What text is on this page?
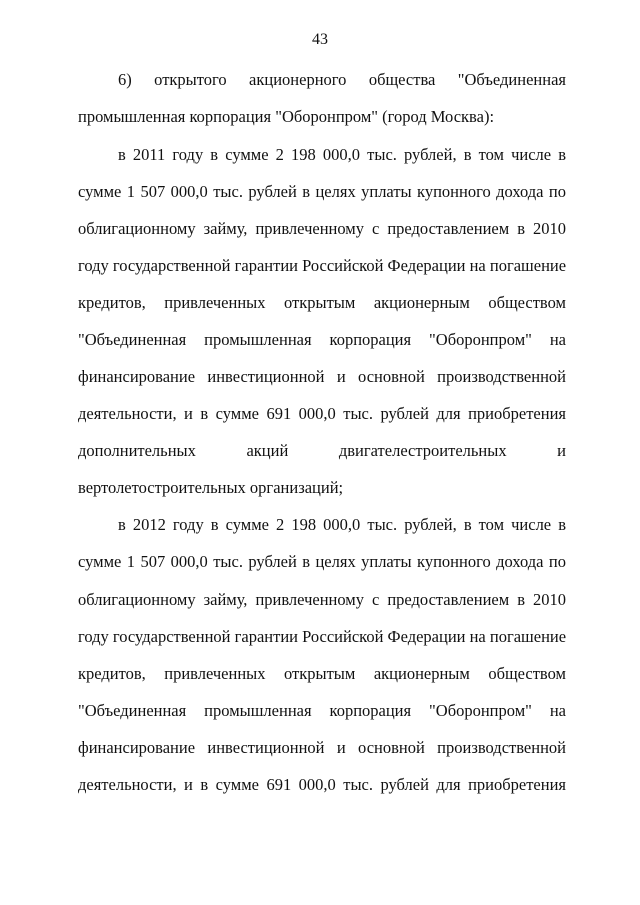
43
6) открытого акционерного общества "Объединенная
промышленная корпорация "Оборонпром" (город Москва):
в 2011 году в сумме 2 198 000,0 тыс. рублей, в том числе в
сумме 1 507 000,0 тыс. рублей в целях уплаты купонного дохода по
облигационному займу, привлеченному с предоставлением в 2010
году государственной гарантии Российской Федерации на погашение
кредитов, привлеченных открытым акционерным обществом
"Объединенная промышленная корпорация "Оборонпром" на
финансирование инвестиционной и основной производственной
деятельности, и в сумме 691 000,0 тыс. рублей для приобретения
дополнительных акций двигателестроительных и
вертолетостроительных организаций;
в 2012 году в сумме 2 198 000,0 тыс. рублей, в том числе в
сумме 1 507 000,0 тыс. рублей в целях уплаты купонного дохода по
облигационному займу, привлеченному с предоставлением в 2010
году государственной гарантии Российской Федерации на погашение
кредитов, привлеченных открытым акционерным обществом
"Объединенная промышленная корпорация "Оборонпром" на
финансирование инвестиционной и основной производственной
деятельности, и в сумме 691 000,0 тыс. рублей для приобретения
